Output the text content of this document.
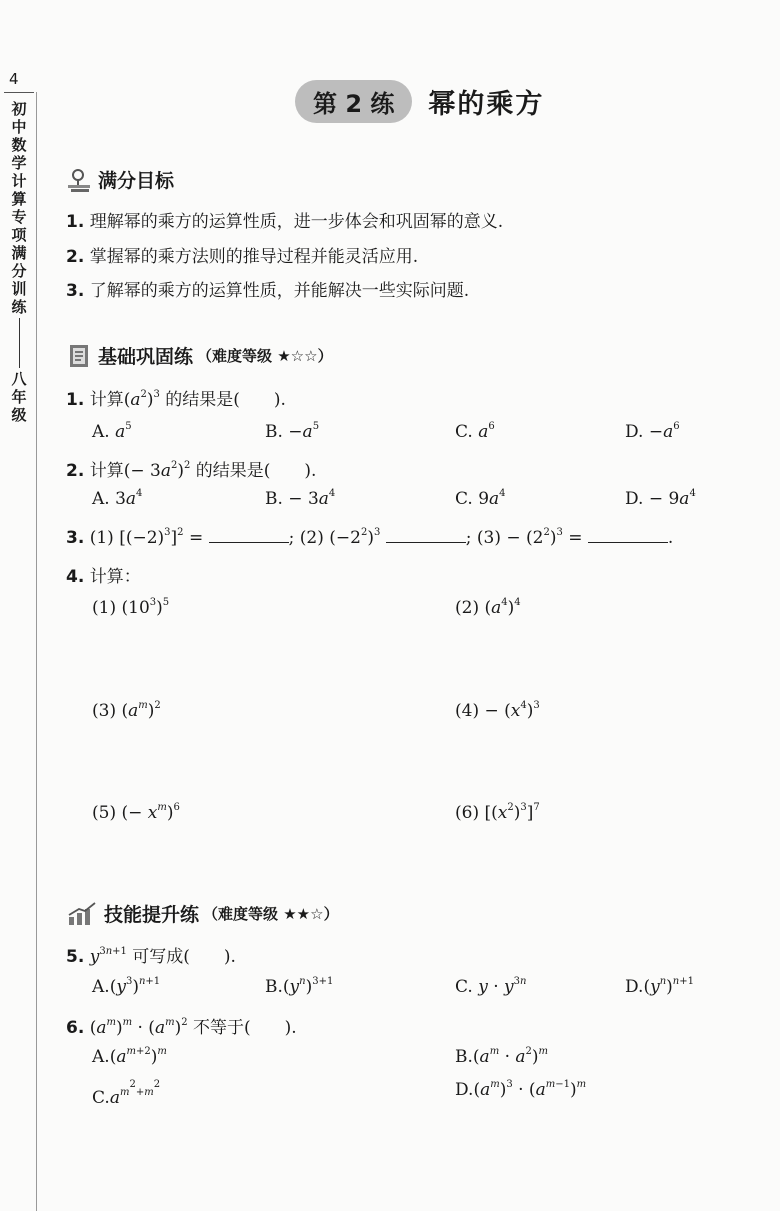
4
初
中
数
学
计
算
专
项
满
分
训
练
八
年
级
第 2 练	幂的乘方
满分目标
1. 理解幂的乘方的运算性质，进一步体会和巩固幂的意义.
2. 掌握幂的乘方法则的推导过程并能灵活应用.
3. 了解幂的乘方的运算性质，并能解决一些实际问题.
基础巩固练 （难度等级 ★☆☆）
1. 计算$(a^2)^3$ 的结果是(　　).
A. $a^5$	B. $-a^5$	C. $a^6$	D. $-a^6$
2. 计算(− $3a^2)^2$ 的结果是(　　).
A. $3a^4$	B. − $3a^4$	C. $9a^4$	D. − $9a^4$
3. (1) $[(-2)^3]^2$ =	; (2) $(-2^2)^3$	; $(3) - (2^2)^3$ =	.
4. 计算：
(1) $(10^3)^5$	(2) $(a^4)^4$
(3) $(a^m)^2$	$(4) - (x^4)^3$
(5) (− $x^m)^6$	(6) $[(x^2)^3]^7$
技能提升练 （难度等级 ★★☆）
5. $y^{3n+1}$ 可写成(　　).
$A.(y^3)^{n+1}$	$B.(y^n)^{3+1}$	C. $y \cdot y^{3n}$	$D.(y^n)^{n+1}$
6. $(a^m)^m \cdot (a^m)^2$ 不等于(　　).
$A.(a^{m+2})^m$	$B.(a^m \cdot a^2)^m$
$C.a^{m^2+m^2}$	$D.(a^m)^3 \cdot (a^{m-1})^m$
